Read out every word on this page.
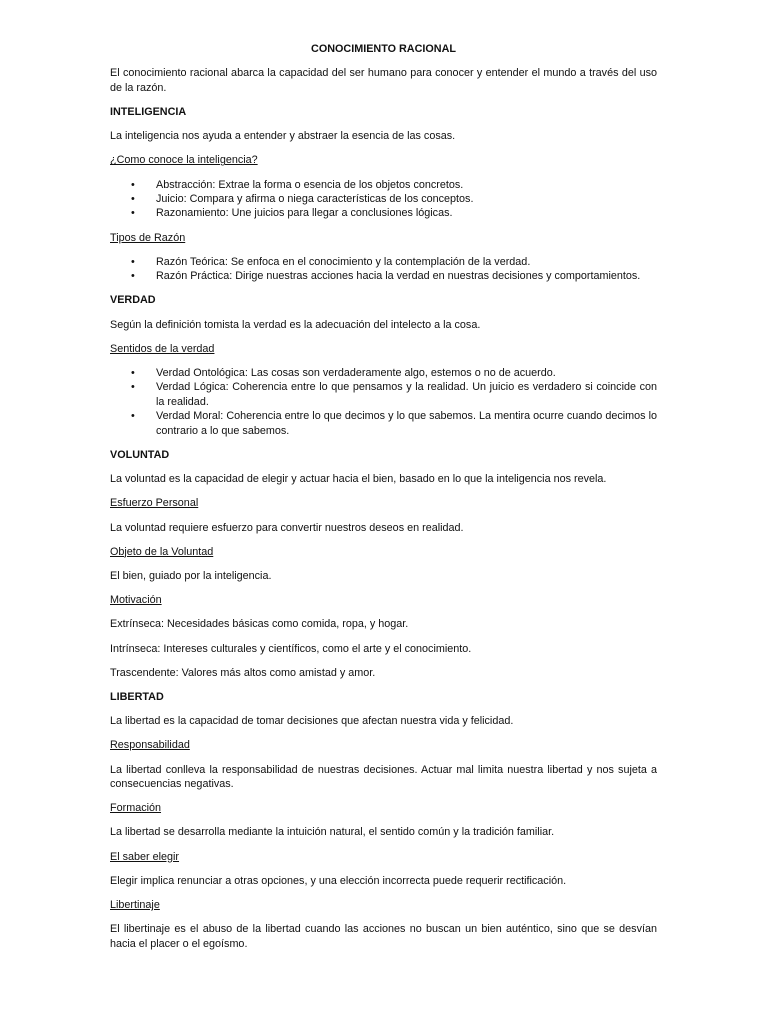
CONOCIMIENTO RACIONAL

El conocimiento racional abarca la capacidad del ser humano para conocer y entender el mundo a través del uso de la razón.

INTELIGENCIA

La inteligencia nos ayuda a entender y abstraer la esencia de las cosas.

¿Como conoce la inteligencia?

• Abstracción: Extrae la forma o esencia de los objetos concretos.
• Juicio: Compara y afirma o niega características de los conceptos.
• Razonamiento: Une juicios para llegar a conclusiones lógicas.

Tipos de Razón

• Razón Teórica: Se enfoca en el conocimiento y la contemplación de la verdad.
• Razón Práctica: Dirige nuestras acciones hacia la verdad en nuestras decisiones y comportamientos.

VERDAD

Según la definición tomista la verdad es la adecuación del intelecto a la cosa.

Sentidos de la verdad

• Verdad Ontológica: Las cosas son verdaderamente algo, estemos o no de acuerdo.
• Verdad Lógica: Coherencia entre lo que pensamos y la realidad. Un juicio es verdadero si coincide con la realidad.
• Verdad Moral: Coherencia entre lo que decimos y lo que sabemos. La mentira ocurre cuando decimos lo contrario a lo que sabemos.

VOLUNTAD

La voluntad es la capacidad de elegir y actuar hacia el bien, basado en lo que la inteligencia nos revela.

Esfuerzo Personal

La voluntad requiere esfuerzo para convertir nuestros deseos en realidad.

Objeto de la Voluntad

El bien, guiado por la inteligencia.

Motivación

Extrínseca: Necesidades básicas como comida, ropa, y hogar.

Intrínseca: Intereses culturales y científicos, como el arte y el conocimiento.

Trascendente: Valores más altos como amistad y amor.

LIBERTAD

La libertad es la capacidad de tomar decisiones que afectan nuestra vida y felicidad.

Responsabilidad

La libertad conlleva la responsabilidad de nuestras decisiones. Actuar mal limita nuestra libertad y nos sujeta a consecuencias negativas.

Formación

La libertad se desarrolla mediante la intuición natural, el sentido común y la tradición familiar.

El saber elegir

Elegir implica renunciar a otras opciones, y una elección incorrecta puede requerir rectificación.

Libertinaje

El libertinaje es el abuso de la libertad cuando las acciones no buscan un bien auténtico, sino que se desvían hacia el placer o el egoísmo.
